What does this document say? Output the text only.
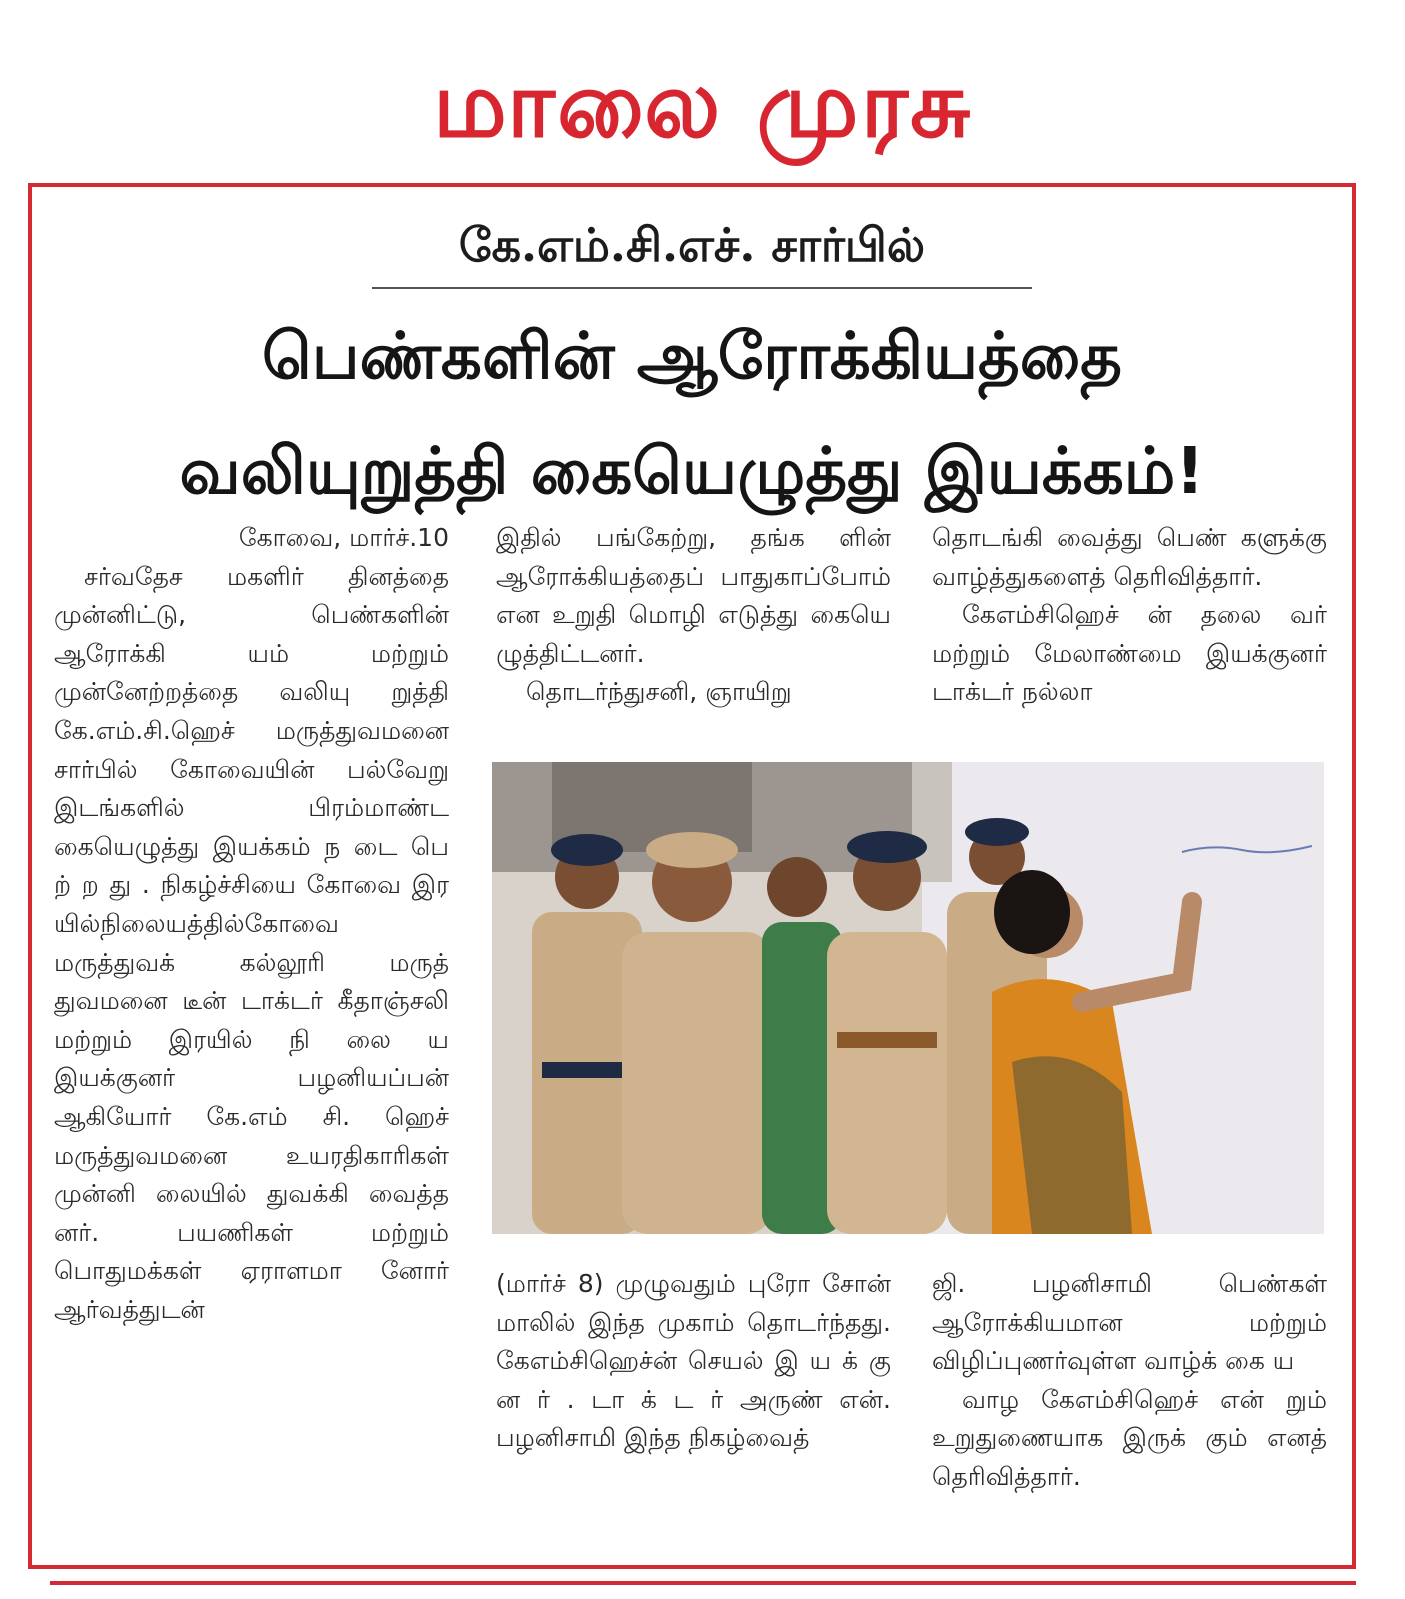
மாலை முரசு
கே.எம்.சி.எச். சார்பில்
பெண்களின் ஆரோக்கியத்தை
வலியுறுத்தி கையெழுத்து இயக்கம்!

கோவை, மார்ச்.10

சர்வதேச மகளிர் தினத்தை முன்னிட்டு, பெண்களின் ஆரோக்கி யம் மற்றும் முன்னேற்றத்தை வலியு றுத்தி கே.எம்.சி.ஹெச் மருத்துவமனை சார்பில் கோவையின் பல்வேறு இடங்களில் பிரம்மாண்ட கையெழுத்து இயக்கம் ந டை பெ ற் ற து . நிகழ்ச்சியை கோவை இர யில்நிலையத்தில்கோவை மருத்துவக் கல்லூரி மருத் துவமனை டீன் டாக்டர் கீதாஞ்சலி மற்றும் இரயில் நி லை ய இயக்குனர் பழனியப்பன் ஆகியோர் கே.எம் சி. ஹெச் மருத்துவமனை உயரதிகாரிகள் முன்னி லையில் துவக்கி வைத்த னர். பயணிகள் மற்றும் பொதுமக்கள் ஏராளமா னோர் ஆர்வத்துடன்

இதில் பங்கேற்று, தங்க ளின் ஆரோக்கியத்தைப் பாதுகாப்போம் என உறுதி மொழி எடுத்து கையெ ழுத்திட்டனர்.

தொடர்ந்துசனி, ஞாயிறு

தொடங்கி வைத்து பெண் களுக்கு வாழ்த்துகளைத் தெரிவித்தார்.

கேஎம்சிஹெச் ன் தலை வர் மற்றும் மேலாண்மை இயக்குனர் டாக்டர் நல்லா

(மார்ச் 8) முழுவதும் புரோ சோன் மாலில் இந்த முகாம் தொடர்ந்தது. கேஎம்சிஹெச்ன் செயல் இ ய க் கு ன ர் . டா க் ட ர் அருண் என். பழனிசாமி இந்த நிகழ்வைத்

ஜி. பழனிசாமி பெண்கள் ஆரோக்கியமான மற்றும் விழிப்புணர்வுள்ள வாழ்க் கை ய

வாழ கேஎம்சிஹெச் என் றும் உறுதுணையாக இருக் கும் எனத் தெரிவித்தார்.
